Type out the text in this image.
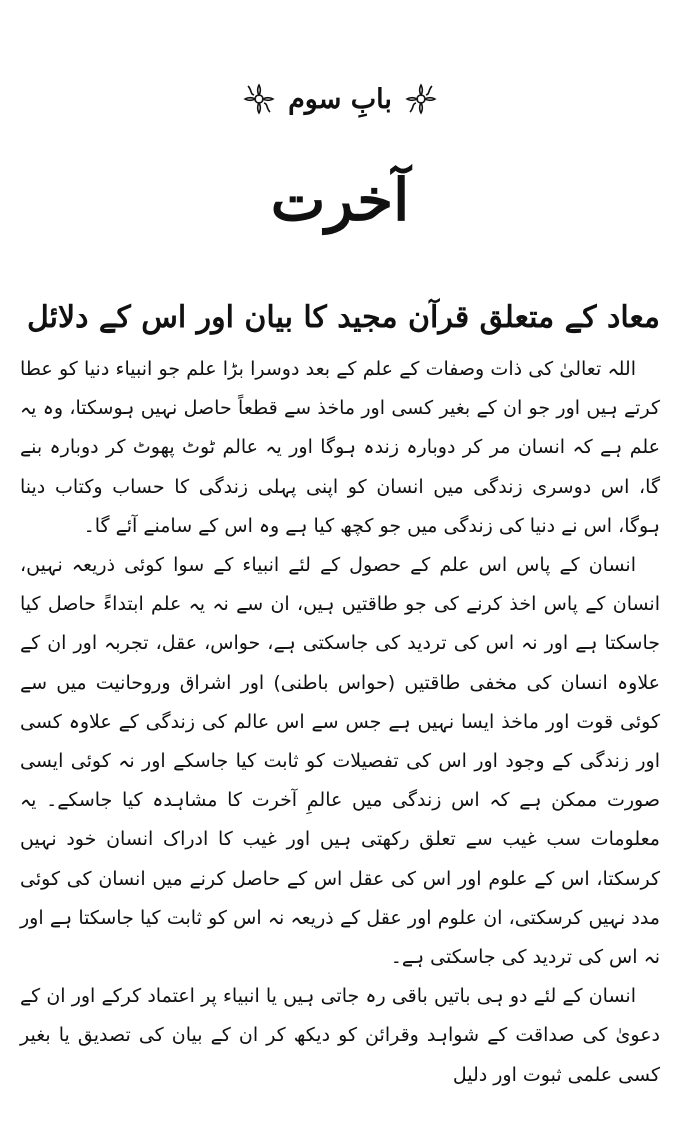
بابِ سوم
آخرت
معاد کے متعلق قرآن مجید کا بیان اور اس کے دلائل

اللہ تعالیٰ کی ذات وصفات کے علم کے بعد دوسرا بڑا علم جو انبیاء دنیا کو عطا کرتے ہیں اور جو ان کے بغیر کسی اور ماخذ سے قطعاً حاصل نہیں ہوسکتا، وہ یہ علم ہے کہ انسان مر کر دوبارہ زندہ ہوگا اور یہ عالم ٹوٹ پھوٹ کر دوبارہ بنے گا، اس دوسری زندگی میں انسان کو اپنی پہلی زندگی کا حساب وکتاب دینا ہوگا، اس نے دنیا کی زندگی میں جو کچھ کیا ہے وہ اس کے سامنے آئے گا۔

انسان کے پاس اس علم کے حصول کے لئے انبیاء کے سوا کوئی ذریعہ نہیں، انسان کے پاس اخذ کرنے کی جو طاقتیں ہیں، ان سے نہ یہ علم ابتداءً حاصل کیا جاسکتا ہے اور نہ اس کی تردید کی جاسکتی ہے، حواس، عقل، تجربہ اور ان کے علاوہ انسان کی مخفی طاقتیں (حواس باطنی) اور اشراق وروحانیت میں سے کوئی قوت اور ماخذ ایسا نہیں ہے جس سے اس عالم کی زندگی کے علاوہ کسی اور زندگی کے وجود اور اس کی تفصیلات کو ثابت کیا جاسکے اور نہ کوئی ایسی صورت ممکن ہے کہ اس زندگی میں عالمِ آخرت کا مشاہدہ کیا جاسکے۔ یہ معلومات سب غیب سے تعلق رکھتی ہیں اور غیب کا ادراک انسان خود نہیں کرسکتا، اس کے علوم اور اس کی عقل اس کے حاصل کرنے میں انسان کی کوئی مدد نہیں کرسکتی، ان علوم اور عقل کے ذریعہ نہ اس کو ثابت کیا جاسکتا ہے اور نہ اس کی تردید کی جاسکتی ہے۔

انسان کے لئے دو ہی باتیں باقی رہ جاتی ہیں یا انبیاء پر اعتماد کرکے اور ان کے دعویٰ کی صداقت کے شواہد وقرائن کو دیکھ کر ان کے بیان کی تصدیق یا بغیر کسی علمی ثبوت اور دلیل
